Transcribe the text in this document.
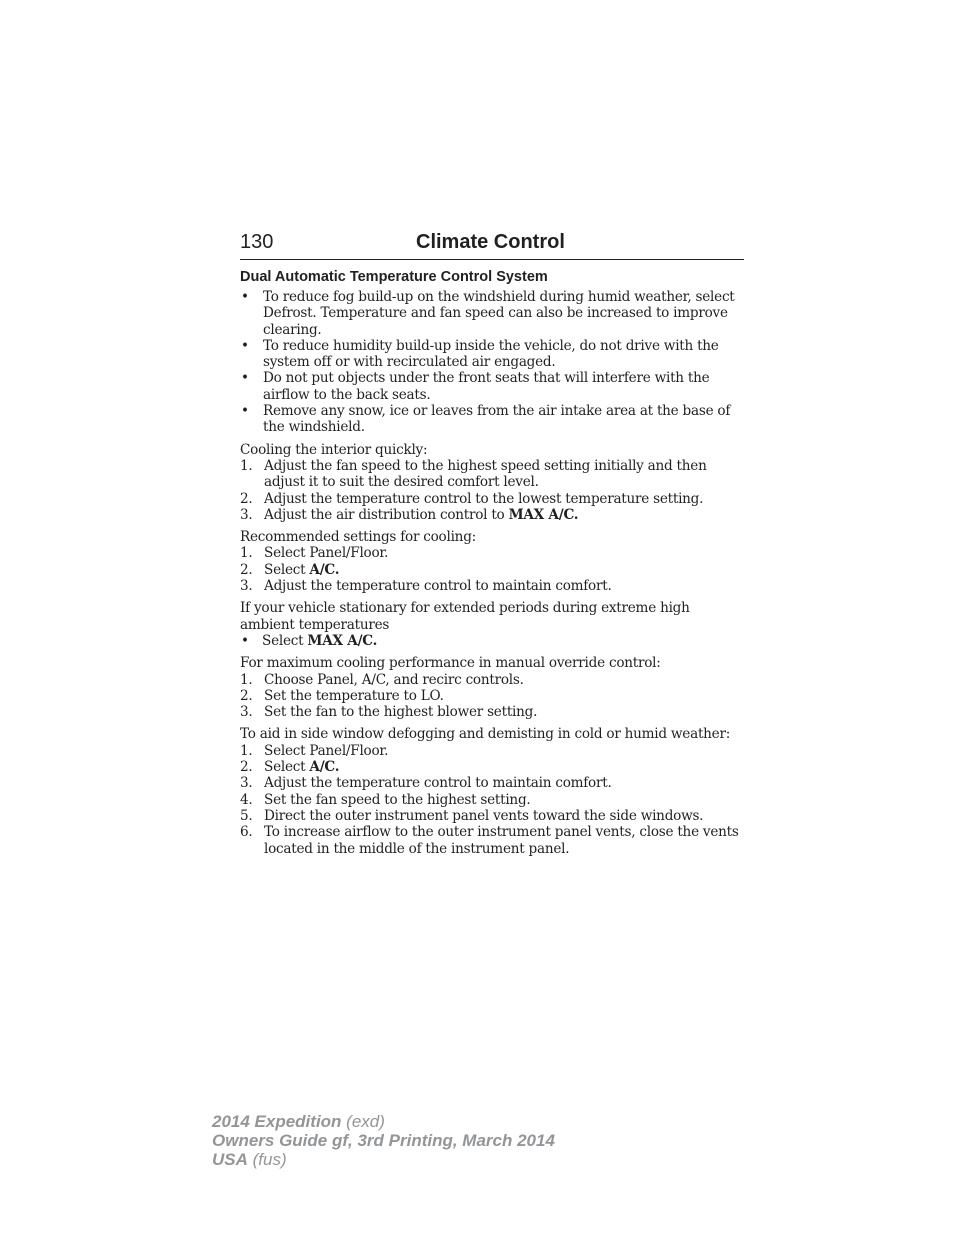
130	Climate Control
Dual Automatic Temperature Control System
• To reduce fog build-up on the windshield during humid weather, select Defrost. Temperature and fan speed can also be increased to improve clearing.
• To reduce humidity build-up inside the vehicle, do not drive with the system off or with recirculated air engaged.
• Do not put objects under the front seats that will interfere with the airflow to the back seats.
• Remove any snow, ice or leaves from the air intake area at the base of the windshield.
Cooling the interior quickly:
1. Adjust the fan speed to the highest speed setting initially and then adjust it to suit the desired comfort level.
2. Adjust the temperature control to the lowest temperature setting.
3. Adjust the air distribution control to MAX A/C.
Recommended settings for cooling:
1. Select Panel/Floor.
2. Select A/C.
3. Adjust the temperature control to maintain comfort.
If your vehicle stationary for extended periods during extreme high ambient temperatures
• Select MAX A/C.
For maximum cooling performance in manual override control:
1. Choose Panel, A/C, and recirc controls.
2. Set the temperature to LO.
3. Set the fan to the highest blower setting.
To aid in side window defogging and demisting in cold or humid weather:
1. Select Panel/Floor.
2. Select A/C.
3. Adjust the temperature control to maintain comfort.
4. Set the fan speed to the highest setting.
5. Direct the outer instrument panel vents toward the side windows.
6. To increase airflow to the outer instrument panel vents, close the vents located in the middle of the instrument panel.
2014 Expedition (exd)
Owners Guide gf, 3rd Printing, March 2014
USA (fus)
